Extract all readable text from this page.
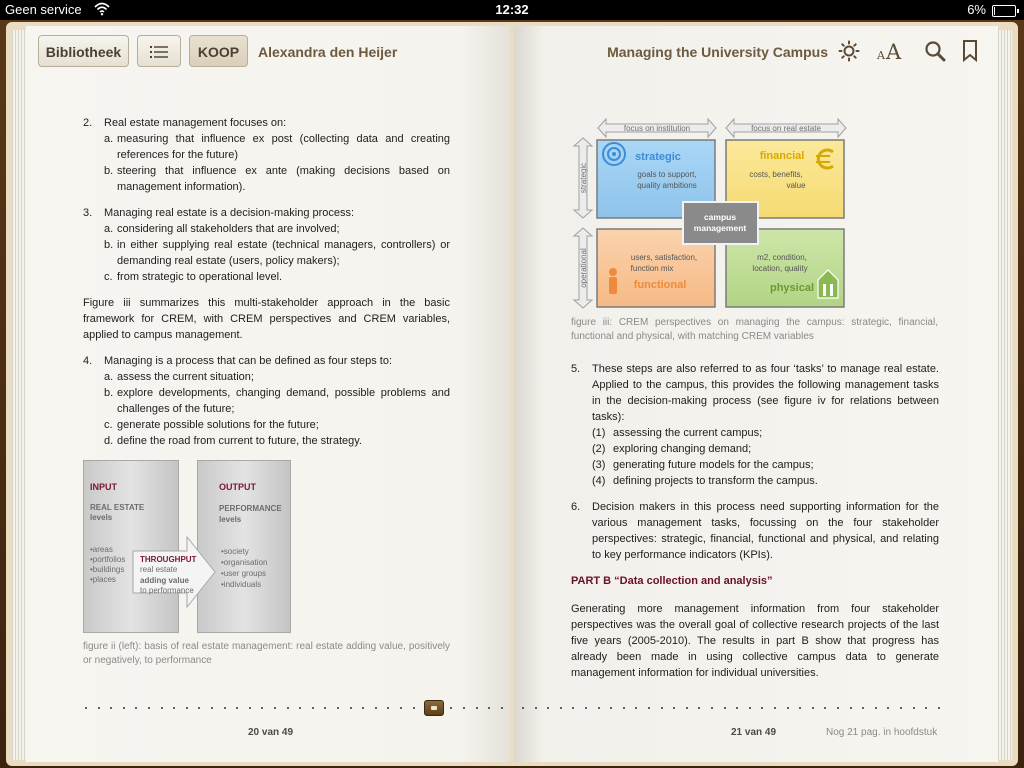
Geen service	12:32	6%
Bibliotheek	KOOP	Alexandra den Heijer	Managing the University Campus	A A
2.	Real estate management focuses on:
a. measuring that influence ex post (collecting data and creating references for the future)
b. steering that influence ex ante (making decisions based on management information).
3.	Managing real estate is a decision-making process:
a. considering all stakeholders that are involved;
b. in either supplying real estate (technical managers, controllers) or demanding real estate (users, policy makers);
c. from strategic to operational level.

Figure iii summarizes this multi-stakeholder approach in the basic framework for CREM, with CREM perspectives and CREM variables, applied to campus management.

4.	Managing is a process that can be defined as four steps to:
a. assess the current situation;
b. explore developments, changing demand, possible problems and challenges of the future;
c. generate possible solutions for the future;
d. define the road from current to future, the strategy.
INPUT
REAL ESTATE
levels
•areas
•portfolios
•buildings
•places
OUTPUT
PERFORMANCE
levels
•society
•organisation
•user groups
•individuals
THROUGHPUT
real estate
adding value
to performance
figure ii (left): basis of real estate management: real estate adding value, positively or negatively, to performance
focus on institution	focus on real estate
strategic
operational
strategic
goals to support,
quality ambitions
financial
costs, benefits,
value
users, satisfaction,
function mix
functional
m2, condition,
location, quality
physical
campus
management
figure iii: CREM perspectives on managing the campus: strategic, financial, functional and physical, with matching CREM variables
5.	These steps are also referred to as four ‘tasks’ to manage real estate. Applied to the campus, this provides the following management tasks in the decision-making process (see figure iv for relations between tasks):
(1) assessing the current campus;
(2) exploring changing demand;
(3) generating future models for the campus;
(4) defining projects to transform the campus.
6.	Decision makers in this process need supporting information for the various management tasks, focussing on the four stakeholder perspectives: strategic, financial, functional and physical, and relating to key performance indicators (KPIs).
PART B “Data collection and analysis”

Generating more management information from four stakeholder perspectives was the overall goal of collective research projects of the last five years (2005-2010). The results in part B show that progress has already been made in using collective campus data to generate management information for individual universities.

20 van 49	21 van 49	Nog 21 pag. in hoofdstuk
